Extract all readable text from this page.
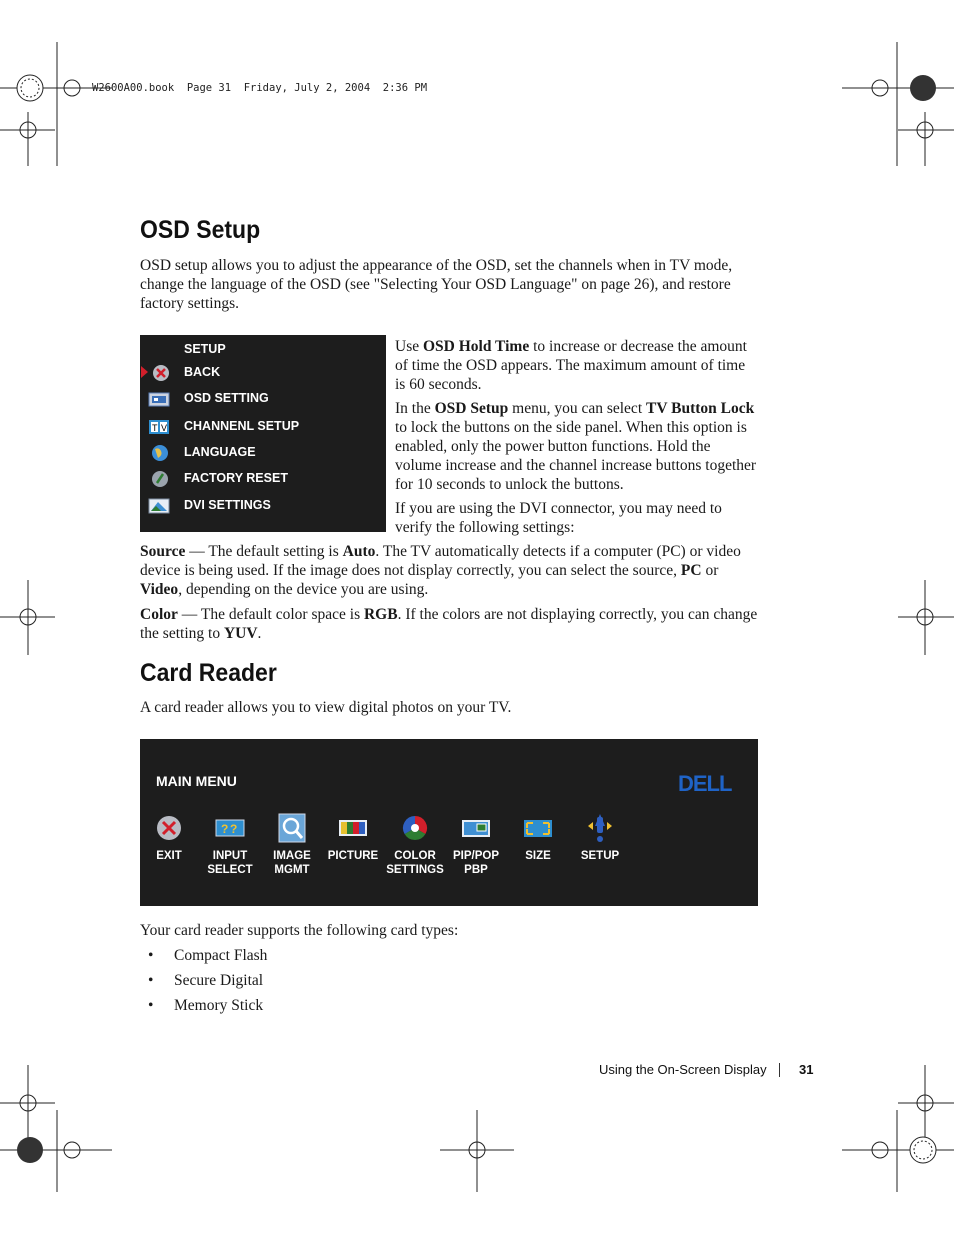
W2600A00.book  Page 31  Friday, July 2, 2004  2:36 PM
OSD Setup

OSD setup allows you to adjust the appearance of the OSD, set the channels when in TV mode, change the language of the OSD (see "Selecting Your OSD Language" on page 26), and restore factory settings.

SETUP
BACK
OSD SETTING
T V CHANNENL SETUP
LANGUAGE
FACTORY RESET
DVI SETTINGS

Use OSD Hold Time to increase or decrease the amount of time the OSD appears. The maximum amount of time is 60 seconds.

In the OSD Setup menu, you can select TV Button Lock to lock the buttons on the side panel. When this option is enabled, only the power button functions. Hold the volume increase and the channel increase buttons together for 10 seconds to unlock the buttons.

If you are using the DVI connector, you may need to verify the following settings:

Source — The default setting is Auto. The TV automatically detects if a computer (PC) or video device is being used. If the image does not display correctly, you can select the source, PC or Video, depending on the device you are using.

Color — The default color space is RGB. If the colors are not displaying correctly, you can change the setting to YUV.

Card Reader

A card reader allows you to view digital photos on your TV.

MAIN MENU	DELL
EXIT
? ?
INPUT
SELECT
IMAGE
MGMT
PICTURE	COLOR
SETTINGS
PIP/POP
PBP
SIZE	SETUP

Your card reader supports the following card types:

• Compact Flash
• Secure Digital
• Memory Stick
Using the On-Screen Display 31
